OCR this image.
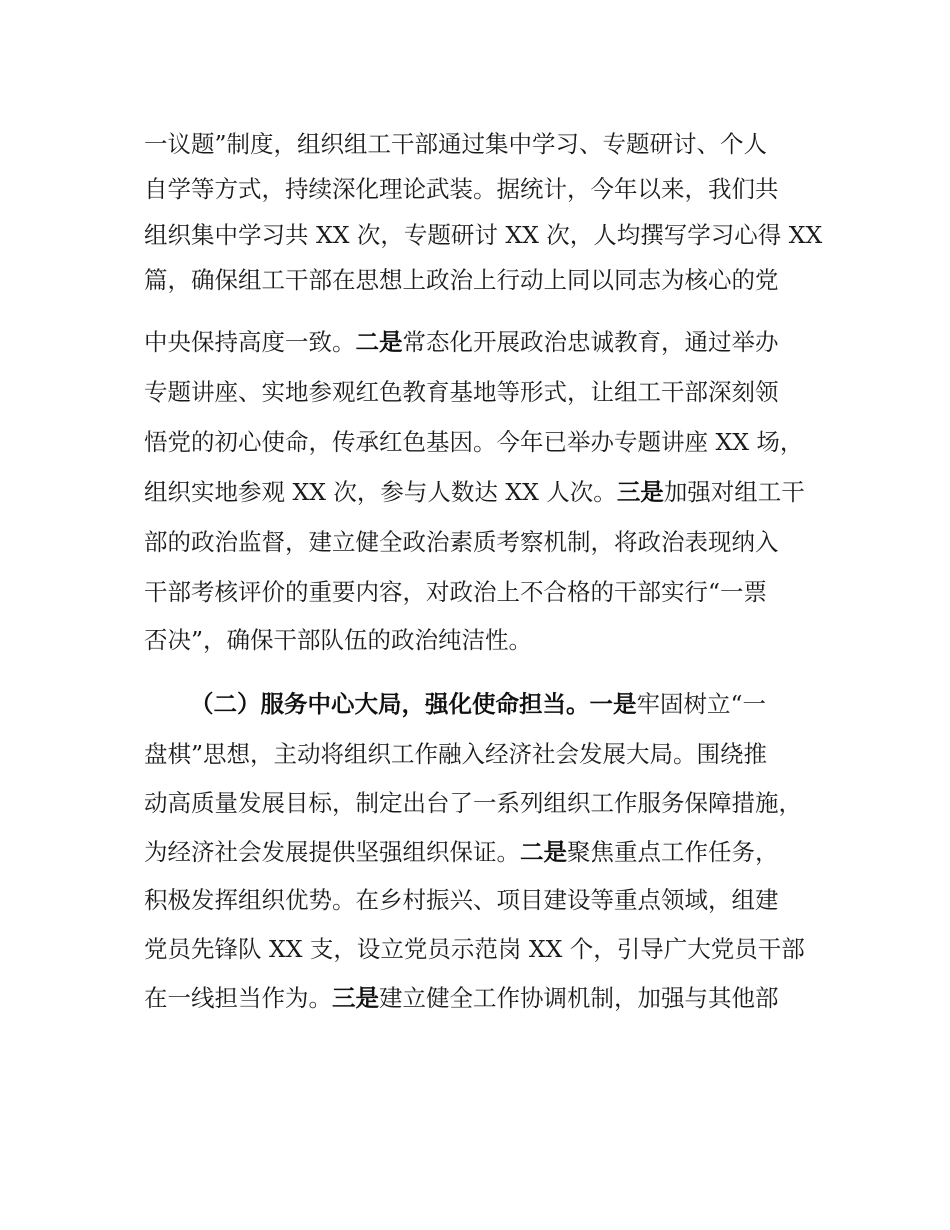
一议题”制度，组织组工干部通过集中学习、专题研讨、个人
自学等方式，持续深化理论武装。据统计，今年以来，我们共
组织集中学习共 XX 次，专题研讨 XX 次，人均撰写学习心得 XX
篇，确保组工干部在思想上政治上行动上同以同志为核心的党
中央保持高度一致。二是常态化开展政治忠诚教育，通过举办
专题讲座、实地参观红色教育基地等形式，让组工干部深刻领
悟党的初心使命，传承红色基因。今年已举办专题讲座 XX 场，
组织实地参观 XX 次，参与人数达 XX 人次。三是加强对组工干
部的政治监督，建立健全政治素质考察机制，将政治表现纳入
干部考核评价的重要内容，对政治上不合格的干部实行“一票
否决”，确保干部队伍的政治纯洁性。
（二）服务中心大局，强化使命担当。一是牢固树立“一
盘棋”思想，主动将组织工作融入经济社会发展大局。围绕推
动高质量发展目标，制定出台了一系列组织工作服务保障措施，
为经济社会发展提供坚强组织保证。二是聚焦重点工作任务，
积极发挥组织优势。在乡村振兴、项目建设等重点领域，组建
党员先锋队 XX 支，设立党员示范岗 XX 个，引导广大党员干部
在一线担当作为。三是建立健全工作协调机制，加强与其他部
